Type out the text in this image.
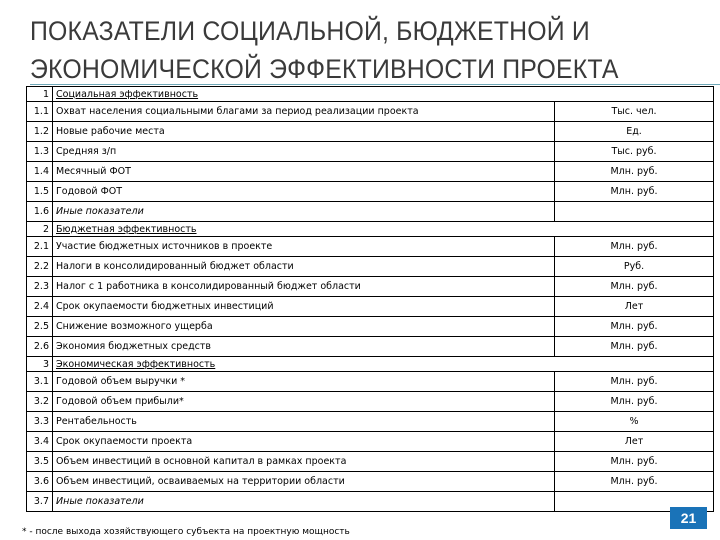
ПОКАЗАТЕЛИ СОЦИАЛЬНОЙ, БЮДЖЕТНОЙ И
ЭКОНОМИЧЕСКОЙ ЭФФЕКТИВНОСТИ ПРОЕКТА
1	Социальная эффективность	
1.1	Охват населения социальными благами за период реализации проекта	Тыс. чел.
1.2	Новые рабочие места	Ед.
1.3	Средняя з/п	Тыс. руб.
1.4	Месячный ФОТ	Млн. руб.
1.5	Годовой ФОТ	Млн. руб.
1.6	Иные показатели	
2	Бюджетная эффективность	
2.1	Участие бюджетных источников в проекте	Млн. руб.
2.2	Налоги в консолидированный бюджет области	Руб.
2.3	Налог с 1 работника в консолидированный бюджет области	Млн. руб.
2.4	Срок окупаемости бюджетных инвестиций	Лет
2.5	Снижение возможного ущерба	Млн. руб.
2.6	Экономия бюджетных средств	Млн. руб.
3	Экономическая эффективность	
3.1	Годовой объем выручки *	Млн. руб.
3.2	Годовой объем прибыли*	Млн. руб.
3.3	Рентабельность	%
3.4	Срок окупаемости проекта	Лет
3.5	Объем инвестиций в основной капитал в рамках проекта	Млн. руб.
3.6	Объем инвестиций, осваиваемых на территории области	Млн. руб.
3.7	Иные показатели	
* - после выхода хозяйствующего субъекта на проектную мощность
21
